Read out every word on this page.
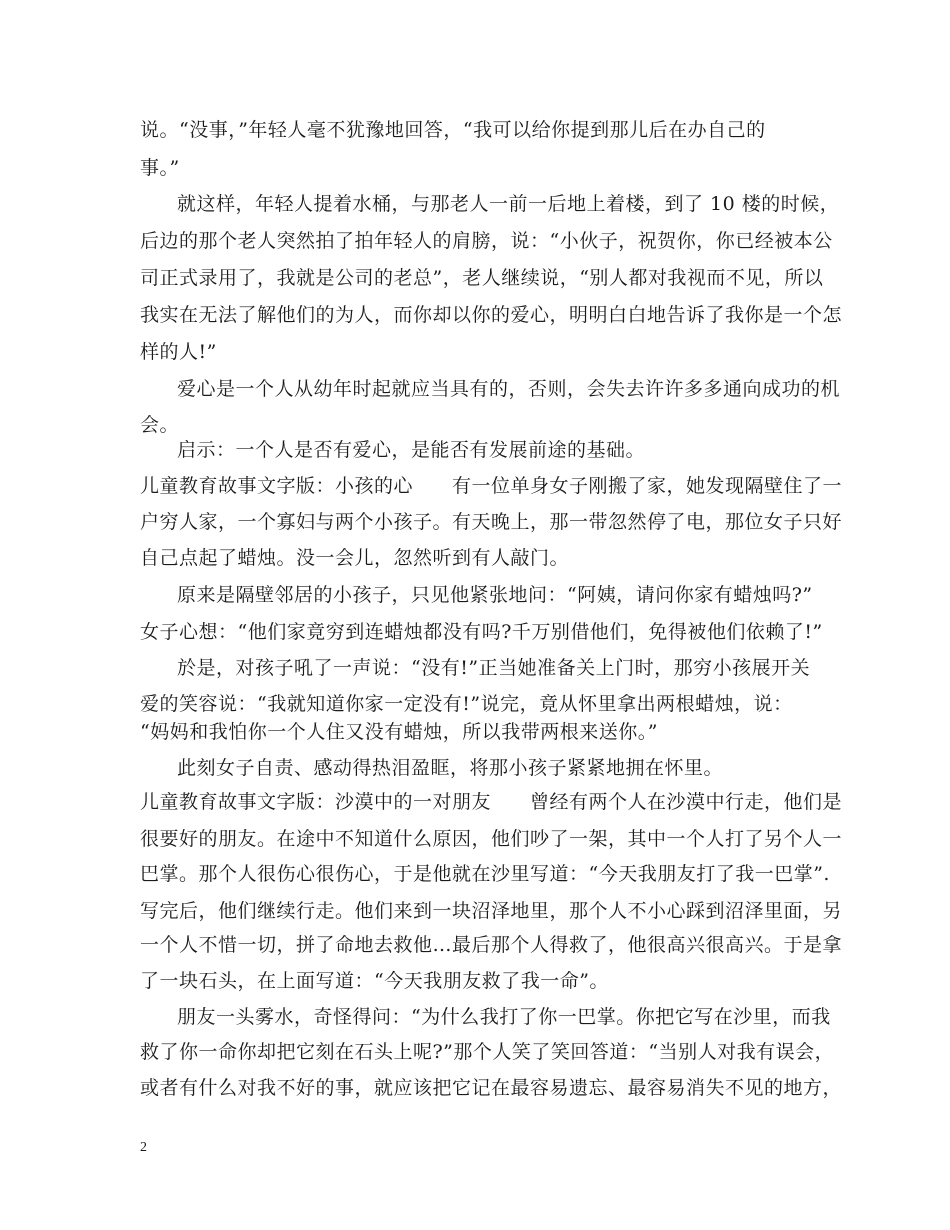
说。“没事，”年轻人毫不犹豫地回答，“我可以给你提到那儿后在办自己的
事。”
就这样，年轻人提着水桶，与那老人一前一后地上着楼，到了 10 楼的时候，
后边的那个老人突然拍了拍年轻人的肩膀，说：“小伙子，祝贺你，你已经被本公
司正式录用了，我就是公司的老总”，老人继续说，“别人都对我视而不见，所以
我实在无法了解他们的为人，而你却以你的爱心，明明白白地告诉了我你是一个怎
样的人!”
爱心是一个人从幼年时起就应当具有的，否则，会失去许许多多通向成功的机
会。
启示：一个人是否有爱心，是能否有发展前途的基础。
儿童教育故事文字版：小孩的心　　有一位单身女子刚搬了家，她发现隔壁住了一
户穷人家，一个寡妇与两个小孩子。有天晚上，那一带忽然停了电，那位女子只好
自己点起了蜡烛。没一会儿，忽然听到有人敲门。
原来是隔壁邻居的小孩子，只见他紧张地问：“阿姨，请问你家有蜡烛吗?”
女子心想：“他们家竟穷到连蜡烛都没有吗?千万别借他们，免得被他们依赖了!”
於是，对孩子吼了一声说：“没有!”正当她准备关上门时，那穷小孩展开关
爱的笑容说：“我就知道你家一定没有!”说完，竟从怀里拿出两根蜡烛，说：
“妈妈和我怕你一个人住又没有蜡烛，所以我带两根来送你。”
此刻女子自责、感动得热泪盈眶，将那小孩子紧紧地拥在怀里。
儿童教育故事文字版：沙漠中的一对朋友　　曾经有两个人在沙漠中行走，他们是
很要好的朋友。在途中不知道什么原因，他们吵了一架，其中一个人打了另个人一
巴掌。那个人很伤心很伤心，于是他就在沙里写道：“今天我朋友打了我一巴掌”.
写完后，他们继续行走。他们来到一块沼泽地里，那个人不小心踩到沼泽里面，另
一个人不惜一切，拼了命地去救他…最后那个人得救了，他很高兴很高兴。于是拿
了一块石头，在上面写道：“今天我朋友救了我一命”。
朋友一头雾水，奇怪得问：“为什么我打了你一巴掌。你把它写在沙里，而我
救了你一命你却把它刻在石头上呢?”那个人笑了笑回答道：“当别人对我有误会，
或者有什么对我不好的事，就应该把它记在最容易遗忘、最容易消失不见的地方，
2
